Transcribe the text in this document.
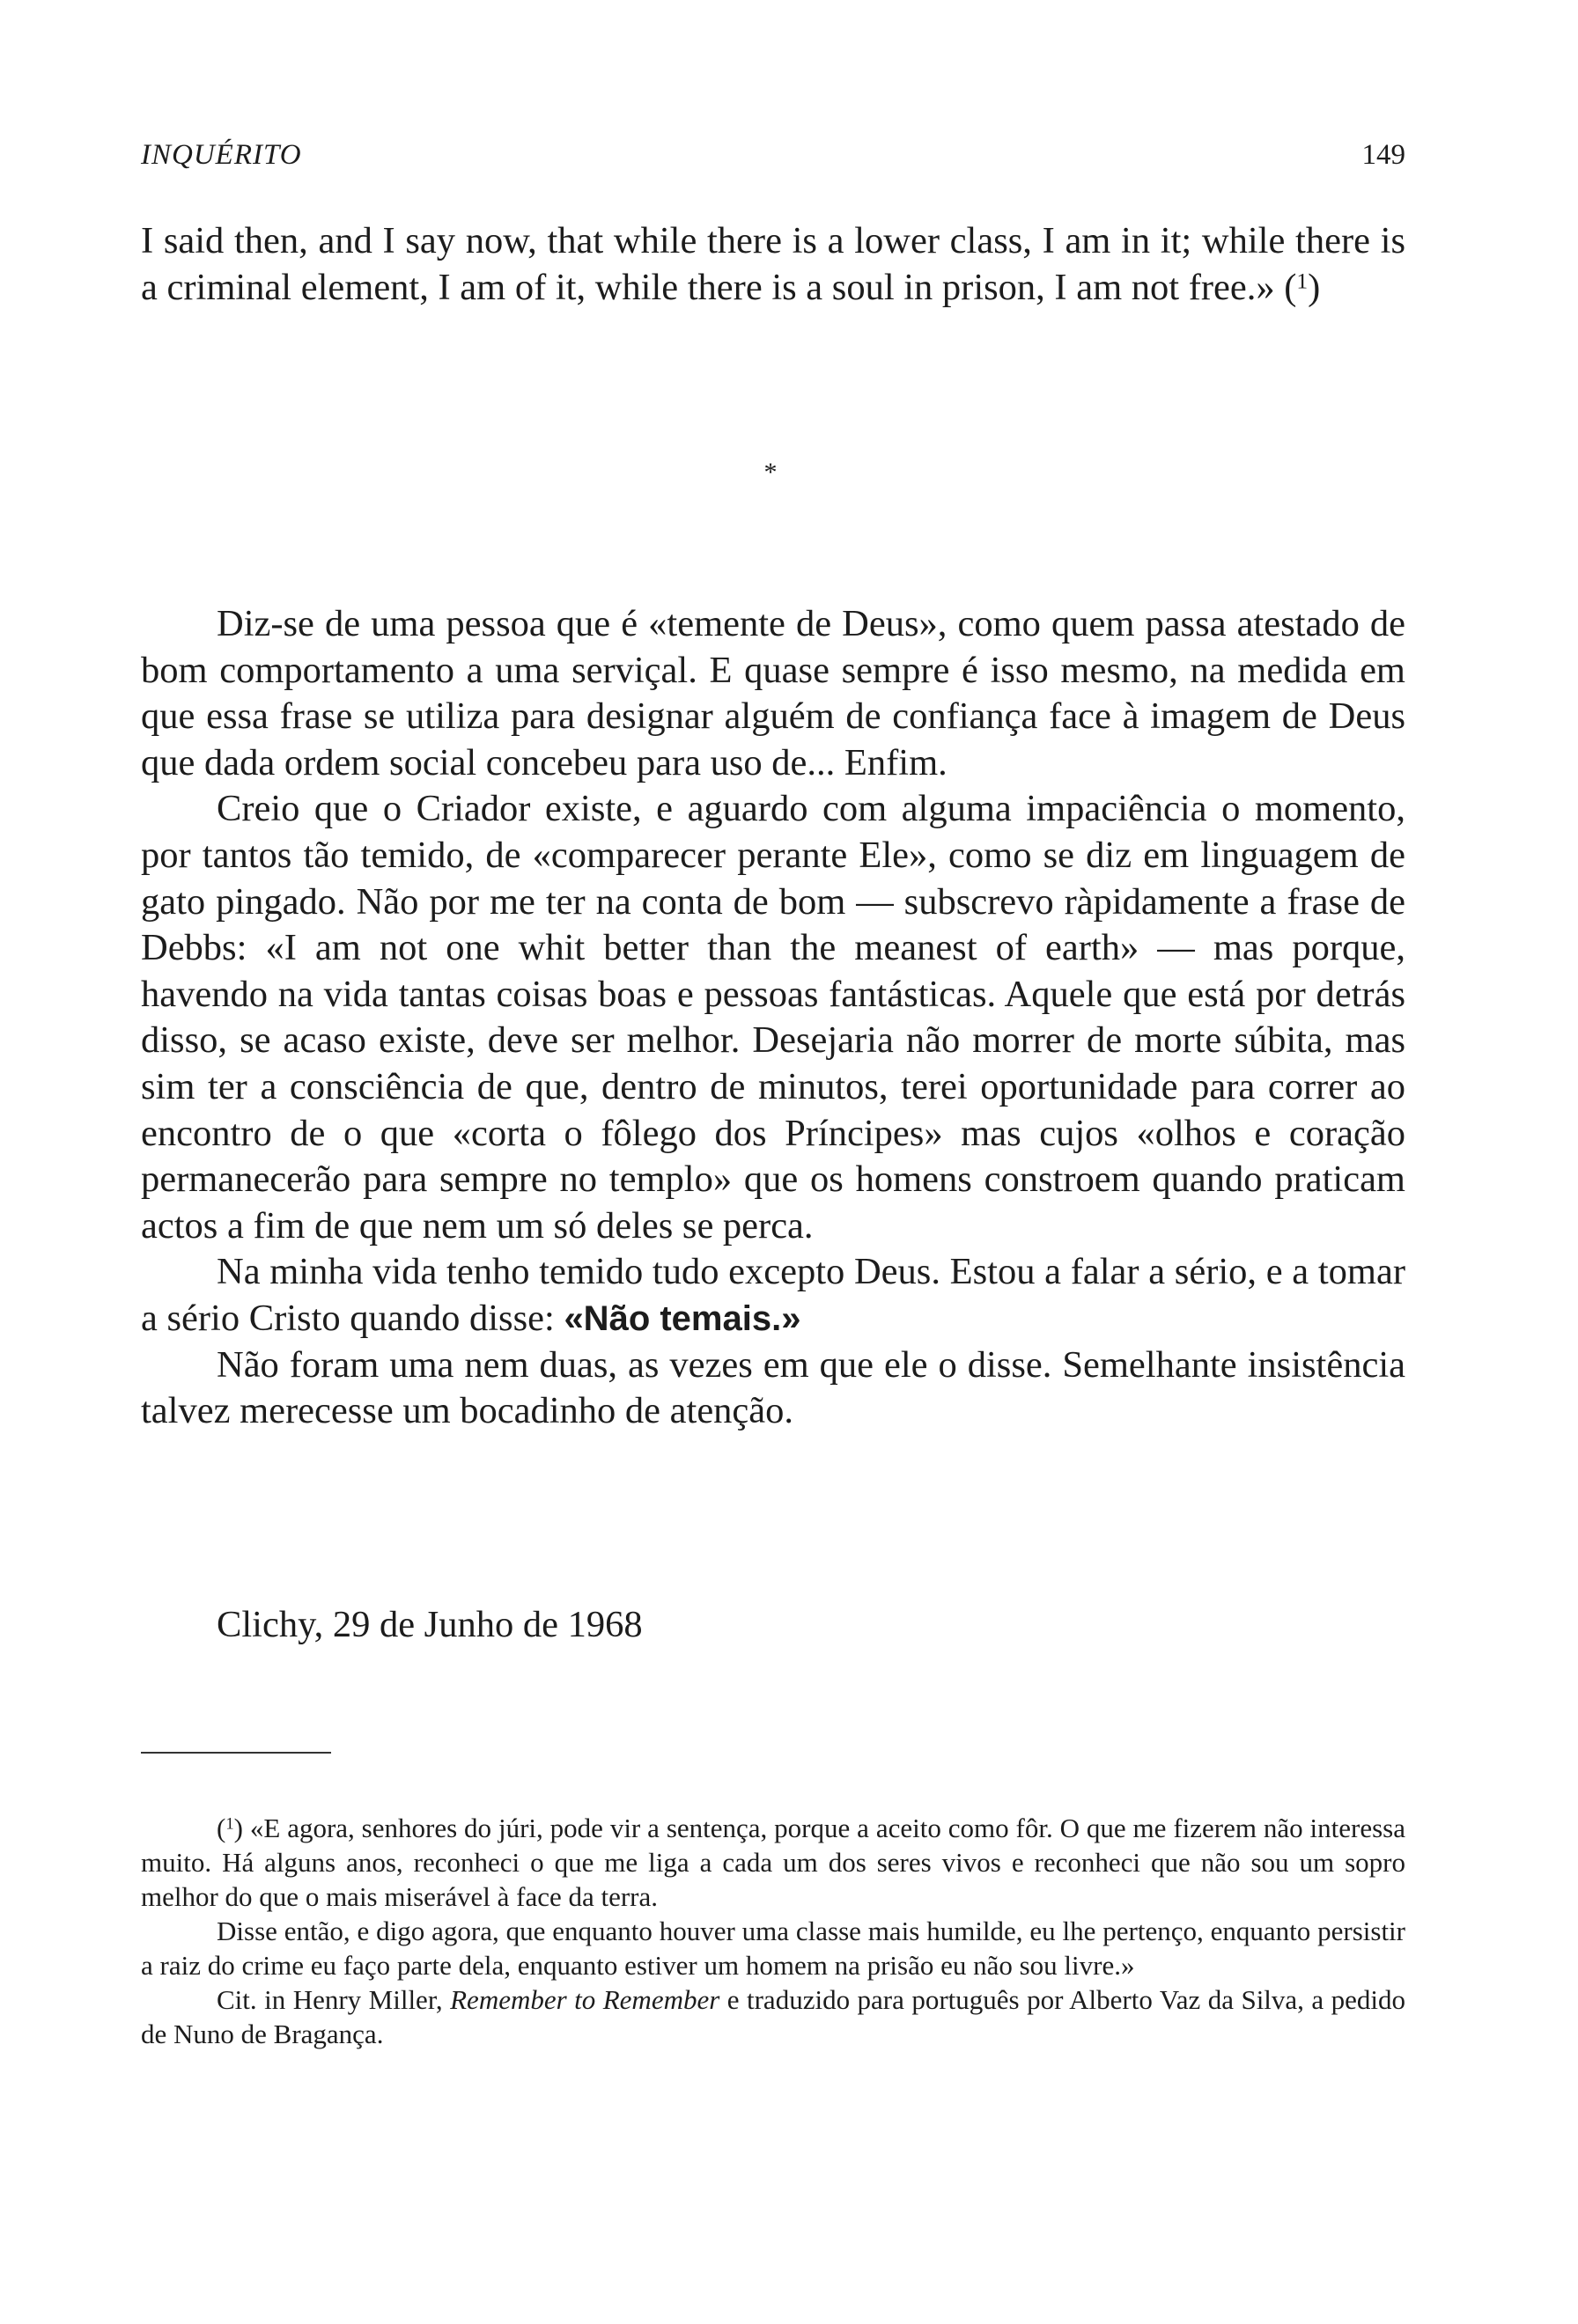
INQUÉRITO	149

I said then, and I say now, that while there is a lower class, I am in it; while there is a criminal element, I am of it, while there is a soul in prison, I am not free.» ($^1$)

*

Diz-se de uma pessoa que é «temente de Deus», como quem passa atestado de bom comportamento a uma serviçal. E quase sempre é isso mesmo, na medida em que essa frase se utiliza para designar alguém de confiança face à imagem de Deus que dada ordem social concebeu para uso de... Enfim.

Creio que o Criador existe, e aguardo com alguma impaciência o momento, por tantos tão temido, de «comparecer perante Ele», como se diz em linguagem de gato pingado. Não por me ter na conta de bom — subscrevo ràpidamente a frase de Debbs: «I am not one whit better than the meanest of earth» — mas porque, havendo na vida tantas coisas boas e pessoas fantásticas. Aquele que está por detrás disso, se acaso existe, deve ser melhor. Desejaria não morrer de morte súbita, mas sim ter a consciência de que, dentro de minutos, terei oportunidade para correr ao encontro de o que «corta o fôlego dos Príncipes» mas cujos «olhos e coração permanecerão para sempre no templo» que os homens constroem quando praticam actos a fim de que nem um só deles se perca.

Na minha vida tenho temido tudo excepto Deus. Estou a falar a sério, e a tomar a sério Cristo quando disse: «Não temais.»

Não foram uma nem duas, as vezes em que ele o disse. Semelhante insistência talvez merecesse um bocadinho de atenção.

Clichy, 29 de Junho de 1968

($^1$) «E agora, senhores do júri, pode vir a sentença, porque a aceito como fôr. O que me fizerem não interessa muito. Há alguns anos, reconheci o que me liga a cada um dos seres vivos e reconheci que não sou um sopro melhor do que o mais miserável à face da terra.

Disse então, e digo agora, que enquanto houver uma classe mais humilde, eu lhe pertenço, enquanto persistir a raiz do crime eu faço parte dela, enquanto estiver um homem na prisão eu não sou livre.»

Cit. in Henry Miller, Remember to Remember e traduzido para português por Alberto Vaz da Silva, a pedido de Nuno de Bragança.
